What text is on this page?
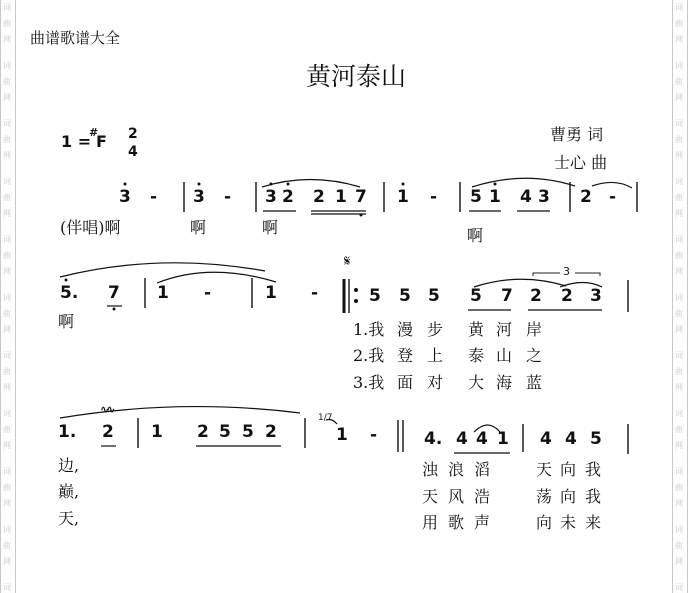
词
曲
网
词
曲
网
词
曲
网
词
曲
网
词
曲
网
词
曲
网
词
曲
网
词
曲
网
词
曲
网
词
曲
网
词
词
曲
网
词
曲
网
词
曲
网
词
曲
网
词
曲
网
词
曲
网
词
曲
网
词
曲
网
词
曲
网
词
曲
网
词
曲谱歌谱大全
黄河泰山
1 =
#
F 2
4
曹勇 词
士心 曲
3 - 3 - 3 2 2 1 7 1 - 5 1 4 3 2 -
(伴唱)啊	啊	啊	啊
5. 7 1 -	1 -	5 5 5 5 7 2 2 3
𝄋
3
啊	1.我 漫 步 黄 河 岸
2.我 登 上 泰 山 之
3.我 面 对 大 海 蓝
1. 2 1 2 5 5 2	1 -	4. 4 4 1 4 4 5
∿∿
1/7
边,
巅,
天,
浊 浪 滔	天 向 我
天 风 浩	荡 向 我
用 歌 声	向 未 来
